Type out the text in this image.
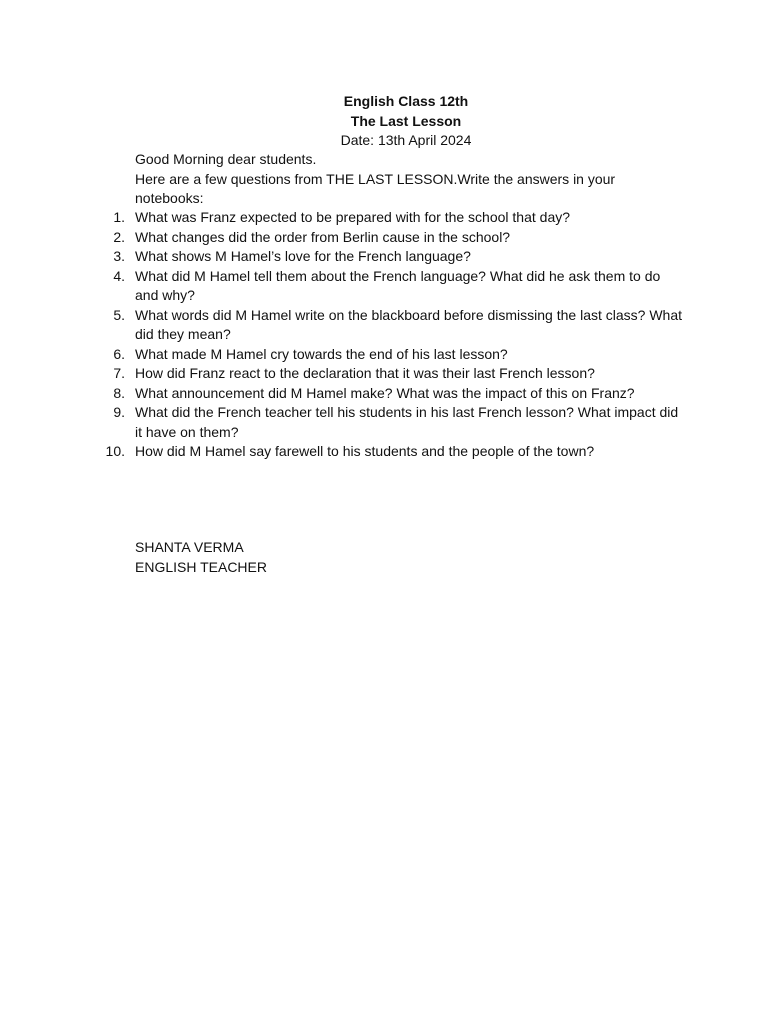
English Class 12th
The Last Lesson
Date: 13th April 2024

Good Morning dear students.

Here are a few questions from THE LAST LESSON.Write the answers in your notebooks:

1. What was Franz expected to be prepared with for the school that day?
2. What changes did the order from Berlin cause in the school?
3. What shows M Hamel’s love for the French language?
4. What did M Hamel tell them about the French language? What did he ask them to do and why?
5. What words did M Hamel write on the blackboard before dismissing the last class? What did they mean?
6. What made M Hamel cry towards the end of his last lesson?
7. How did Franz react to the declaration that it was their last French lesson?
8. What announcement did M Hamel make? What was the impact of this on Franz?
9. What did the French teacher tell his students in his last French lesson? What impact did it have on them?
10. How did M Hamel say farewell to his students and the people of the town?
SHANTA VERMA
ENGLISH TEACHER
